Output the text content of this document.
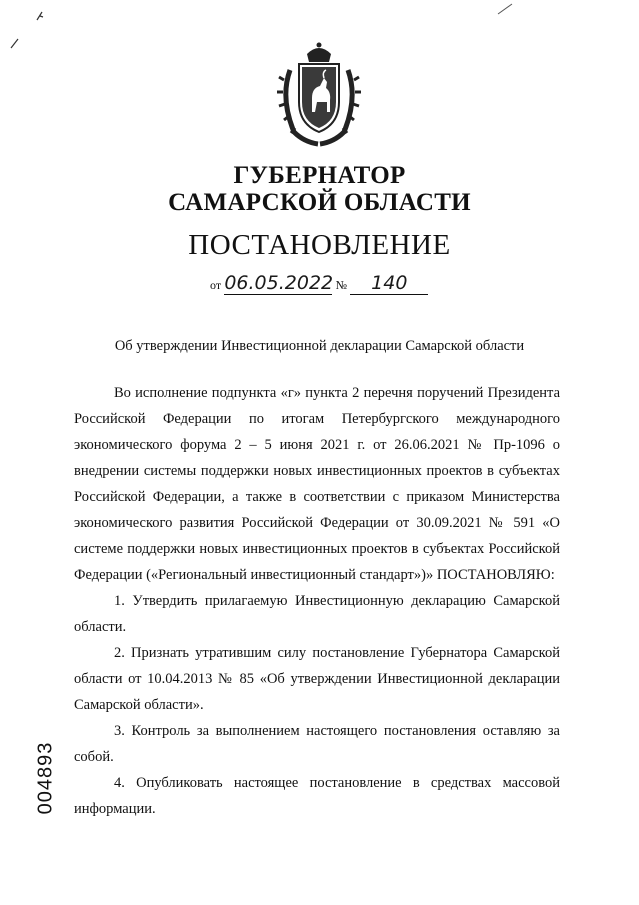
ГУБЕРНАТОР
САМАРСКОЙ ОБЛАСТИ
ПОСТАНОВЛЕНИЕ
от 06.05.2022 № 140
Об утверждении Инвестиционной декларации Самарской области

Во исполнение подпункта «г» пункта 2 перечня поручений Президента Российской Федерации по итогам Петербургского международного экономического форума 2 – 5 июня 2021 г. от 26.06.2021 № Пр-1096 о внедрении системы поддержки новых инвестиционных проектов в субъектах Российской Федерации, а также в соответствии с приказом Министерства экономического развития Российской Федерации от 30.09.2021 № 591 «О системе поддержки новых инвестиционных проектов в субъектах Российской Федерации («Региональный инвестиционный стандарт»)» ПОСТАНОВЛЯЮ:

1. Утвердить прилагаемую Инвестиционную декларацию Самарской области.

2. Признать утратившим силу постановление Губернатора Самарской области от 10.04.2013 № 85 «Об утверждении Инвестиционной декларации Самарской области».

3. Контроль за выполнением настоящего постановления оставляю за собой.

4. Опубликовать настоящее постановление в средствах массовой информации.

004893
